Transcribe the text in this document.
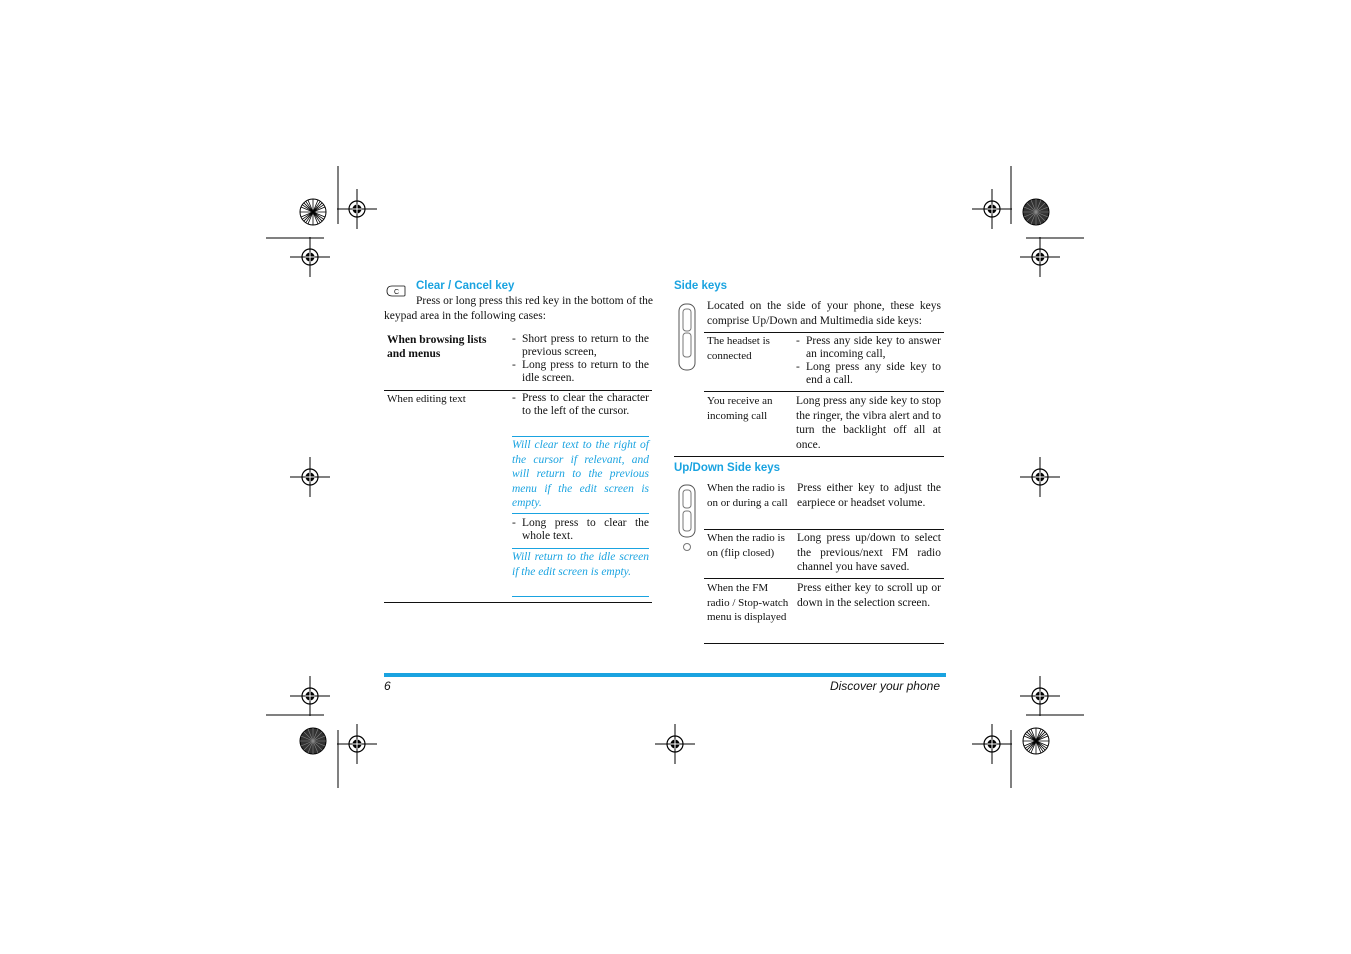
C
Clear / Cancel key
Press or long press this red key in the bottom of the keypad area in the following cases:
When browsing lists and menus
- Short press to return to the previous screen,
- Long press to return to the idle screen.
When editing text
-	Press to clear the character to the left of the cursor.
Will clear text to the right of the cursor if relevant, and will return to the previous menu if the edit screen is empty.
- Long press to clear the whole text.
Will return to the idle screen if the edit screen is empty.
Side keys
Located on the side of your phone, these keys comprise Up/Down and Multimedia side keys:
The headset is connected
- Press any side key to answer an incoming call,
- Long press any side key to end a call.
You receive an incoming call
Long press any side key to stop the ringer, the vibra alert and to turn the backlight off all at once.
Up/Down Side keys
When the radio is on or during a call
Press either key to adjust the earpiece or headset volume.
When the radio is on (flip closed)
Long press up/down to select the previous/next FM radio channel you have saved.
When the FM radio / Stop-watch menu is displayed
Press either key to scroll up or down in the selection screen.
6	Discover your phone
